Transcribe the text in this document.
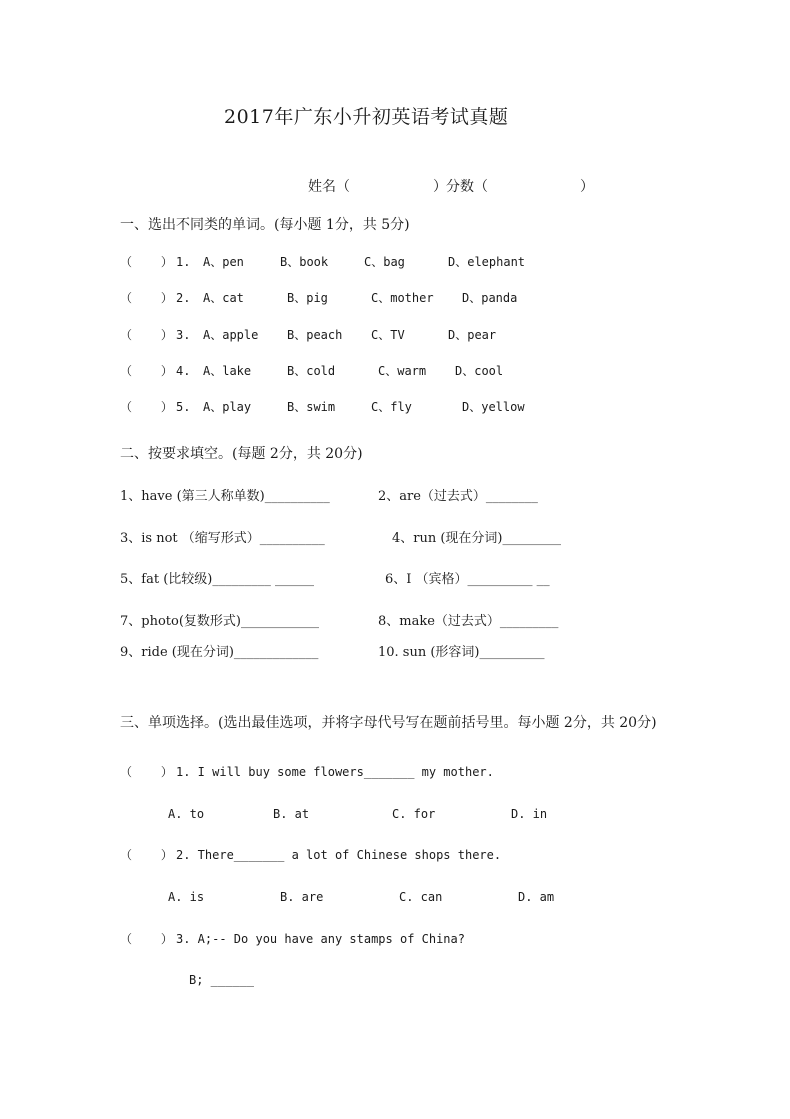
2017年广东小升初英语考试真题
姓名（	） 分数（	）
一、选出不同类的单词。(每小题 1分，共 5分)
（    ） 1. A、pen	B、book	C、bag	D、elephant
（    ） 2. A、cat	B、pig	C、mother D、panda
（    ） 3. A、apple B、peach C、TV	D、pear
（    ） 4. A、lake	B、cold	C、warm D、cool
（    ） 5. A、play	B、swim	C、fly	D、yellow
二、按要求填空。(每题 2分，共 20分)
1、have (第三人称单数)__________	2、are（过去式）________
3、is not （缩写形式）__________	4、run (现在分词)_________
5、fat (比较级)_________ ______	6、I （宾格）__________ __
7、photo(复数形式)____________	8、make（过去式）_________
9、ride (现在分词)_____________	10. sun (形容词)__________
三、单项选择。(选出最佳选项，并将字母代号写在题前括号里。每小题 2分，共 20分)
（    ） 1. I will buy some flowers_______ my mother.
A. to	B. at	C. for	D. in
（    ） 2. There_______ a lot of Chinese shops there.
A. is	B. are	C. can	D. am
（    ） 3. A;-- Do you have any stamps of China?
B; ______
